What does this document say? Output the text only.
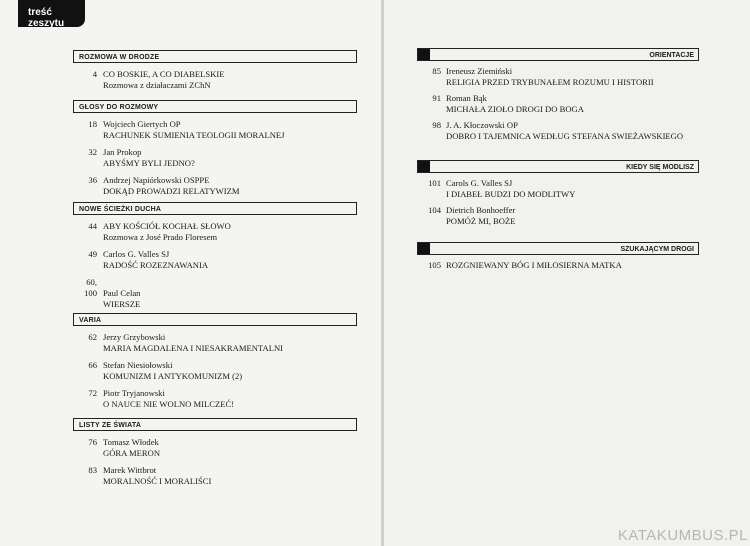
treść zeszytu
ROZMOWA W DRODZE
4 CO BOSKIE, A CO DIABELSKIE
Rozmowa z działaczami ZChN
GŁOSY DO ROZMOWY
18 Wojciech Giertych OP
RACHUNEK SUMIENIA TEOLOGII MORALNEJ
32 Jan Prokop
ABYŚMY BYLI JEDNO?
36 Andrzej Napiórkowski OSPPE
DOKĄD PROWADZI RELATYWIZM
NOWE ŚCIEŻKI DUCHA
44 ABY KOŚCIÓŁ KOCHAŁ SŁOWO
Rozmowa z José Prado Floresem
49 Carlos G. Valles SJ
RADOŚĆ ROZEZNAWANIA
60, 100 Paul Celan
WIERSZE
VARIA
62 Jerzy Grzybowski
MARIA MAGDALENA I NIESAKRAMENTALNI
66 Stefan Niesiołowski
KOMUNIZM I ANTYKOMUNIZM (2)
72 Piotr Tryjanowski
O NAUCE NIE WOLNO MILCZEĆ!
LISTY ZE ŚWIATA
76 Tomasz Włodek
GÓRA MERON
83 Marek Wittbrot
MORALNOŚĆ I MORALIŚCI
ORIENTACJE
85 Ireneusz Ziemiński
RELIGIA PRZED TRYBUNAŁEM ROZUMU I HISTORII
91 Roman Bąk
MICHAŁA ZIOŁO DROGI DO BOGA
98 J. A. Kłoczowski OP
DOBRO I TAJEMNICA WEDŁUG STEFANA SWIEŻAWSKIEGO
KIEDY SIĘ MODLISZ
101 Carols G. Valles SJ
I DIABEŁ BUDZI DO MODLITWY
104 Dietrich Bonhoeffer
POMÓŻ MI, BOŻE
SZUKAJĄCYM DROGI
105 ROZGNIEWANY BÓG I MIŁOSIERNA MATKA
KATAKUMBUS.PL
